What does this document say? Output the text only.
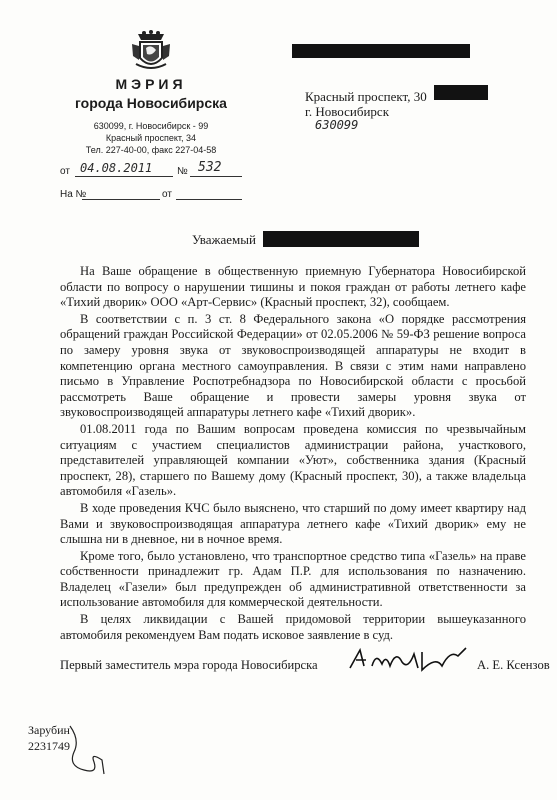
МЭРИЯ
города Новосибирска
630099, г. Новосибирск - 99
Красный проспект, 34
Тел. 227-40-00, факс 227-04-58
от 04.08.2011 № 532
На №	от
Красный проспект, 30
г. Новосибирск
630099
Уважаемый

На Ваше обращение в общественную приемную Губернатора Новосибирской области по вопросу о нарушении тишины и покоя граждан от работы летнего кафе «Тихий дворик» ООО «Арт-Сервис» (Красный проспект, 32), сообщаем.

В соответствии с п. 3 ст. 8 Федерального закона «О порядке рассмотрения обращений граждан Российской Федерации» от 02.05.2006 № 59-ФЗ решение вопроса по замеру уровня звука от звуковоспроизводящей аппаратуры не входит в компетенцию органа местного самоуправления. В связи с этим нами направлено письмо в Управление Роспотребнадзора по Новосибирской области с просьбой рассмотреть Ваше обращение и провести замеры уровня звука от звуковоспроизводящей аппаратуры летнего кафе «Тихий дворик».

01.08.2011 года по Вашим вопросам проведена комиссия по чрезвычайным ситуациям с участием специалистов администрации района, участкового, представителей управляющей компании «Уют», собственника здания (Красный проспект, 28), старшего по Вашему дому (Красный проспект, 30), а также владельца автомобиля «Газель».

В ходе проведения КЧС было выяснено, что старший по дому имеет квартиру над Вами и звуковоспроизводящая аппаратура летнего кафе «Тихий дворик» ему не слышна ни в дневное, ни в ночное время.

Кроме того, было установлено, что транспортное средство типа «Газель» на праве собственности принадлежит гр. Адам П.Р. для использования по назначению. Владелец «Газели» был предупрежден об административной ответственности за использование автомобиля для коммерческой деятельности.

В целях ликвидации с Вашей придомовой территории вышеуказанного автомобиля рекомендуем Вам подать исковое заявление в суд.

Первый заместитель мэра города Новосибирска	А. Е. Ксензов
Зарубин
2231749
